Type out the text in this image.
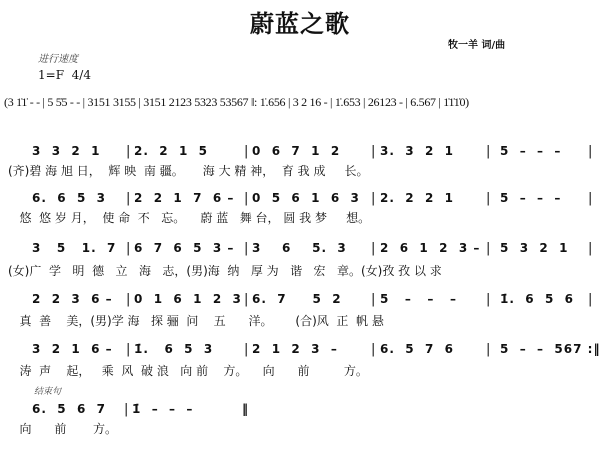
蔚蓝之歌
牧一羊 词/曲
进行速度
1=F  4/4
(3 1̇1̇ - - | 5 5̇5 - - | 3151 3155 | 3151 2123 5323 53567 ‖: 1̇.656 | 3 2 16 - | 1̇.653 | 26123 - | 6.567 | 1̇1̇1̇0)
3  3  2  1 | 2.  2  1  5	| 0  6  7  1  2 | 3.  3  2  1 | 5  –  –  – |
(齐)碧 海 旭 日，  辉 映  南 疆。     海 大 精 神，  育 我 成     长。
6.  6  5  3 | 2  2  1  7  6 – | 0  5  6  1  6  3 | 2.  2  2  1 | 5  –  –  – |
悠  悠 岁 月，  使 命  不   忘。    蔚 蓝   舞 台， 圆 我 梦     想。
3   5   1.  7 | 6  7  6  5  3 – | 3    6    5.  3 | 2  6  1  2  3 – | 5  3  2  1 |
(女)广  学   明  德   立   海   志，(男)海  纳   厚 为   谐   宏   章。(女)孜 孜 以 求
2  2  3  6 – | 0  1  6  1  2  3 | 6.  7     5  2 | 5   –   –   – | 1̇.  6  5  6 |
真  善    美，(男)学 海   探 骊  问    五      洋。      (合)风  正  帆 悬
3  2  1  6 – | 1̇.   6  5  3 | 2  1  2  3  –	| 6.  5  7  6 | 5  –  –  567 :‖
涛  声    起，   乘  风  破 浪   向 前    方。    向      前         方。
6.  5  6  7 1̇  –  –  –	‖
|
向      前       方。
结束句
